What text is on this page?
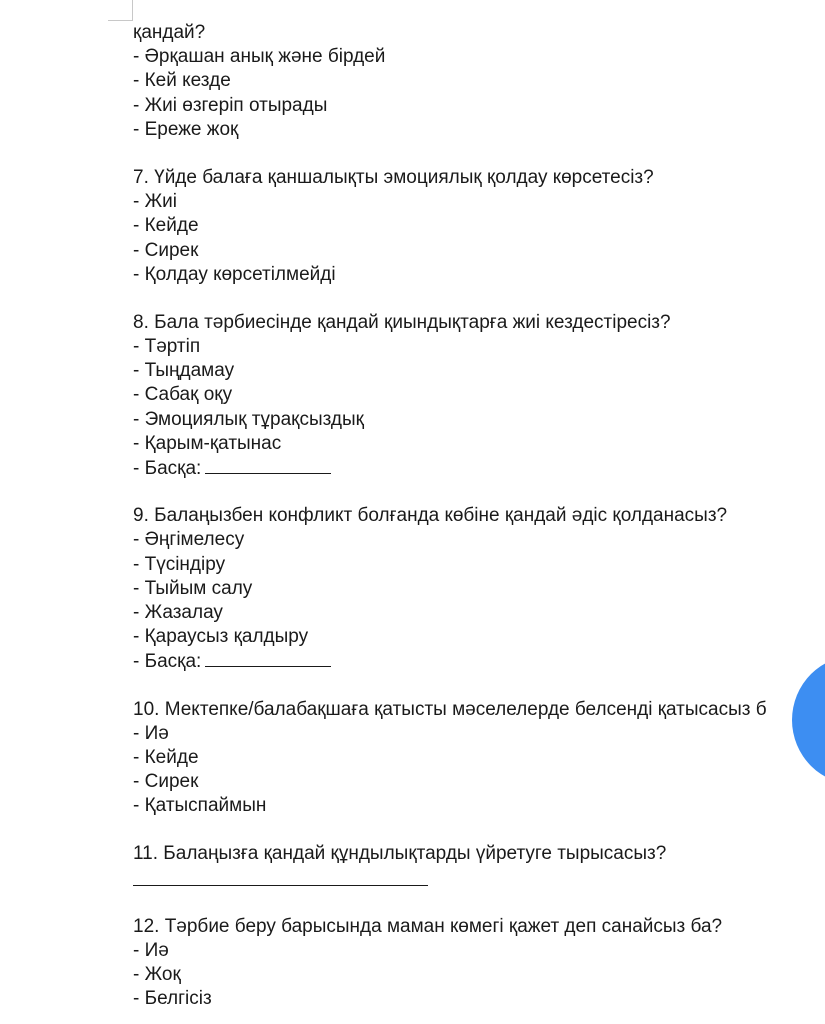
қандай?
- Әрқашан анық және бірдей
- Кей кезде
- Жиі өзгеріп отырады
- Ереже жоқ
7. Үйде балаға қаншалықты эмоциялық қолдау көрсетесіз?
- Жиі
- Кейде
- Сирек
- Қолдау көрсетілмейді
8. Бала тәрбиесінде қандай қиындықтарға жиі кездестіресіз?
- Тәртіп
- Тыңдамау
- Сабақ оқу
- Эмоциялық тұрақсыздық
- Қарым-қатынас
- Басқа:
9. Балаңызбен конфликт болғанда көбіне қандай әдіс қолданасыз?
- Әңгімелесу
- Түсіндіру
- Тыйым салу
- Жазалау
- Қараусыз қалдыру
- Басқа:
10. Мектепке/балабақшаға қатысты мәселелерде белсенді қатысасыз б
- Иә
- Кейде
- Сирек
- Қатыспаймын
11. Балаңызға қандай құндылықтарды үйретуге тырысасыз?
12. Тәрбие беру барысында маман көмегі қажет деп санайсыз ба?
- Иә
- Жоқ
- Белгісіз
